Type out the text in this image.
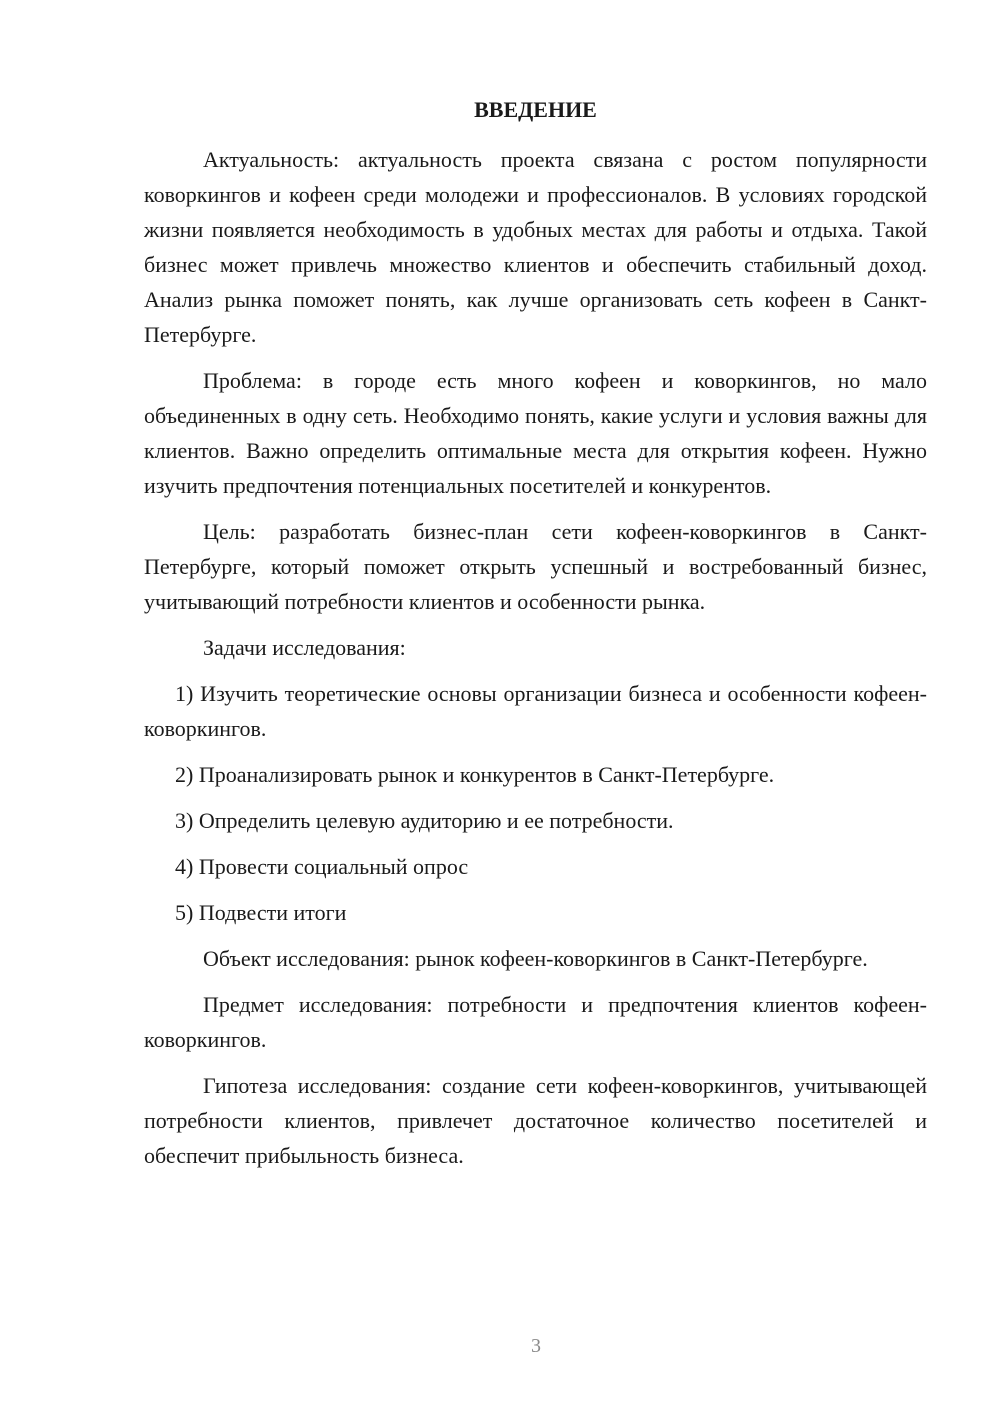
ВВЕДЕНИЕ

Актуальность: актуальность проекта связана с ростом популярности коворкингов и кофеен среди молодежи и профессионалов. В условиях городской жизни появляется необходимость в удобных местах для работы и отдыха. Такой бизнес может привлечь множество клиентов и обеспечить стабильный доход. Анализ рынка поможет понять, как лучше организовать сеть кофеен в Санкт-Петербурге.

Проблема: в городе есть много кофеен и коворкингов, но мало объединенных в одну сеть. Необходимо понять, какие услуги и условия важны для клиентов. Важно определить оптимальные места для открытия кофеен. Нужно изучить предпочтения потенциальных посетителей и конкурентов.

Цель: разработать бизнес-план сети кофеен-коворкингов в Санкт-Петербурге, который поможет открыть успешный и востребованный бизнес, учитывающий потребности клиентов и особенности рынка.

Задачи исследования:

1) Изучить теоретические основы организации бизнеса и особенности кофеен-коворкингов.

2) Проанализировать рынок и конкурентов в Санкт-Петербурге.

3) Определить целевую аудиторию и ее потребности.

4) Провести социальный опрос

5) Подвести итоги

Объект исследования: рынок кофеен-коворкингов в Санкт-Петербурге.

Предмет исследования: потребности и предпочтения клиентов кофеен-коворкингов.

Гипотеза исследования: создание сети кофеен-коворкингов, учитывающей потребности клиентов, привлечет достаточное количество посетителей и обеспечит прибыльность бизнеса.

3
